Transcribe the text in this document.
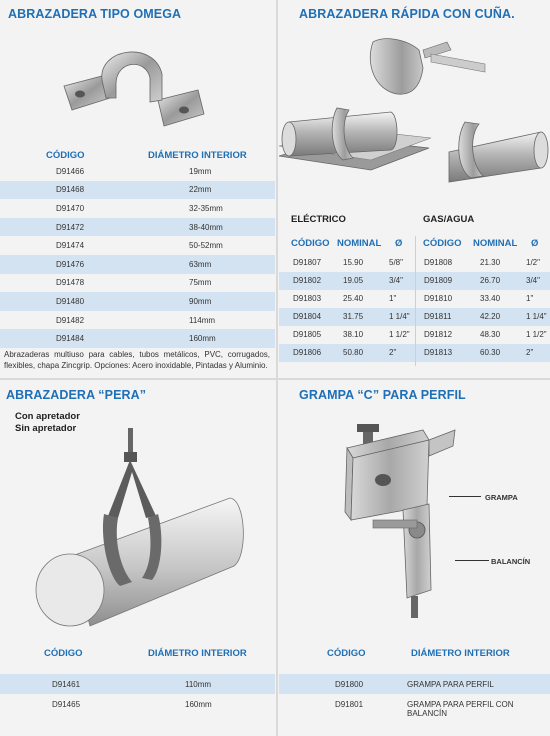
ABRAZADERA TIPO OMEGA
CÓDIGO	DIÁMETRO INTERIOR
D91466	19mm
D91468	22mm
D91470	32-35mm
D91472	38-40mm
D91474	50-52mm
D91476	63mm
D91478	75mm
D91480	90mm
D91482	114mm
D91484	160mm
Abrazaderas multiuso para cables, tubos metálicos, PVC, corrugados, flexibles, chapa Zincgrip. Opciones: Acero inoxidable, Pintadas y Aluminio.
ABRAZADERA RÁPIDA CON CUÑA.
ELÉCTRICO	GAS/AGUA
CÓDIGO NOMINAL Ø CÓDIGO NOMINAL Ø
D91807	15.90	5/8"	D91808	21.30	1/2"
D91802	19.05	3/4"	D91809	26.70	3/4"
D91803	25.40	1"	D91810	33.40	1"
D91804	31.75	1 1/4" D91811	42.20	1 1/4"
D91805	38.10	1 1/2" D91812	48.30	1 1/2"
D91806	50.80	2"	D91813	60.30	2"
ABRAZADERA “PERA”
Con apretador
Sin apretador
CÓDIGO	DIÁMETRO INTERIOR
D91461	110mm
D91465	160mm
GRAMPA “C” PARA PERFIL
GRAMPA
BALANCÍN
CÓDIGO	DIÁMETRO INTERIOR
D91800	GRAMPA PARA PERFIL
D91801	GRAMPA PARA PERFIL CON BALANCÍN
